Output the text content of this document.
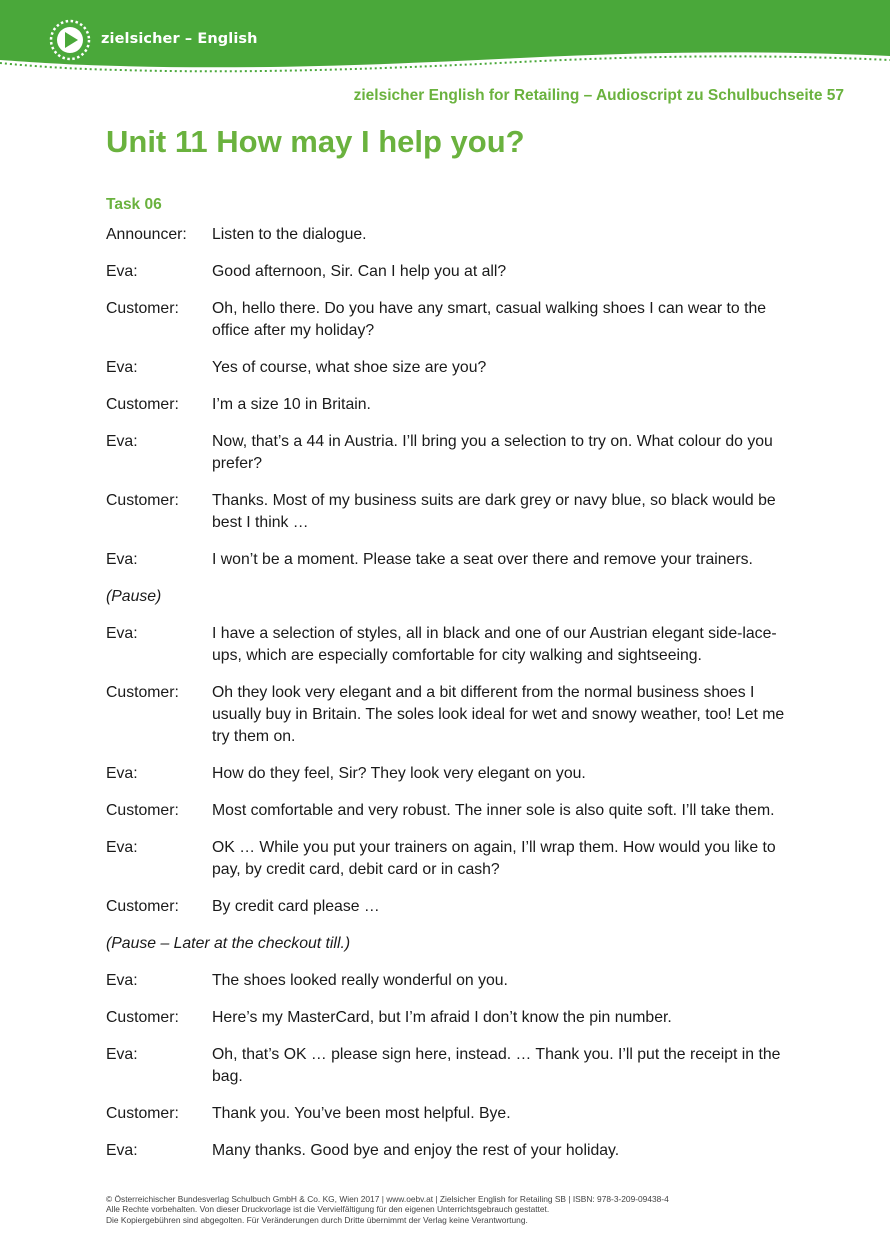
zielsicher – English
zielsicher English for Retailing – Audioscript zu Schulbuchseite 57
Unit 11 How may I help you?
Task 06
Announcer:	Listen to the dialogue.
Eva:	Good afternoon, Sir. Can I help you at all?
Customer:	Oh, hello there. Do you have any smart, casual walking shoes I can wear to the office after my holiday?
Eva:	Yes of course, what shoe size are you?
Customer:	I’m a size 10 in Britain.
Eva:	Now, that’s a 44 in Austria. I’ll bring you a selection to try on. What colour do you prefer?
Customer:	Thanks. Most of my business suits are dark grey or navy blue, so black would be best I think …
Eva:	I won’t be a moment. Please take a seat over there and remove your trainers.
(Pause)
Eva:	I have a selection of styles, all in black and one of our Austrian elegant side-lace-ups, which are especially comfortable for city walking and sightseeing.
Customer:	Oh they look very elegant and a bit different from the normal business shoes I usually buy in Britain. The soles look ideal for wet and snowy weather, too! Let me try them on.
Eva:	How do they feel, Sir? They look very elegant on you.
Customer:	Most comfortable and very robust. The inner sole is also quite soft. I’ll take them.
Eva:	OK … While you put your trainers on again, I’ll wrap them. How would you like to pay, by credit card, debit card or in cash?
Customer:	By credit card please …
(Pause – Later at the checkout till.)
Eva:	The shoes looked really wonderful on you.
Customer:	Here’s my MasterCard, but I’m afraid I don’t know the pin number.
Eva:	Oh, that’s OK … please sign here, instead. … Thank you. I’ll put the receipt in the bag.
Customer:	Thank you. You’ve been most helpful. Bye.
Eva:	Many thanks. Good bye and enjoy the rest of your holiday.
© Österreichischer Bundesverlag Schulbuch GmbH & Co. KG, Wien 2017 | www.oebv.at | Zielsicher English for Retailing SB | ISBN: 978-3-209-09438-4
Alle Rechte vorbehalten. Von dieser Druckvorlage ist die Vervielfältigung für den eigenen Unterrichtsgebrauch gestattet.
Die Kopiergebühren sind abgegolten. Für Veränderungen durch Dritte übernimmt der Verlag keine Verantwortung.
